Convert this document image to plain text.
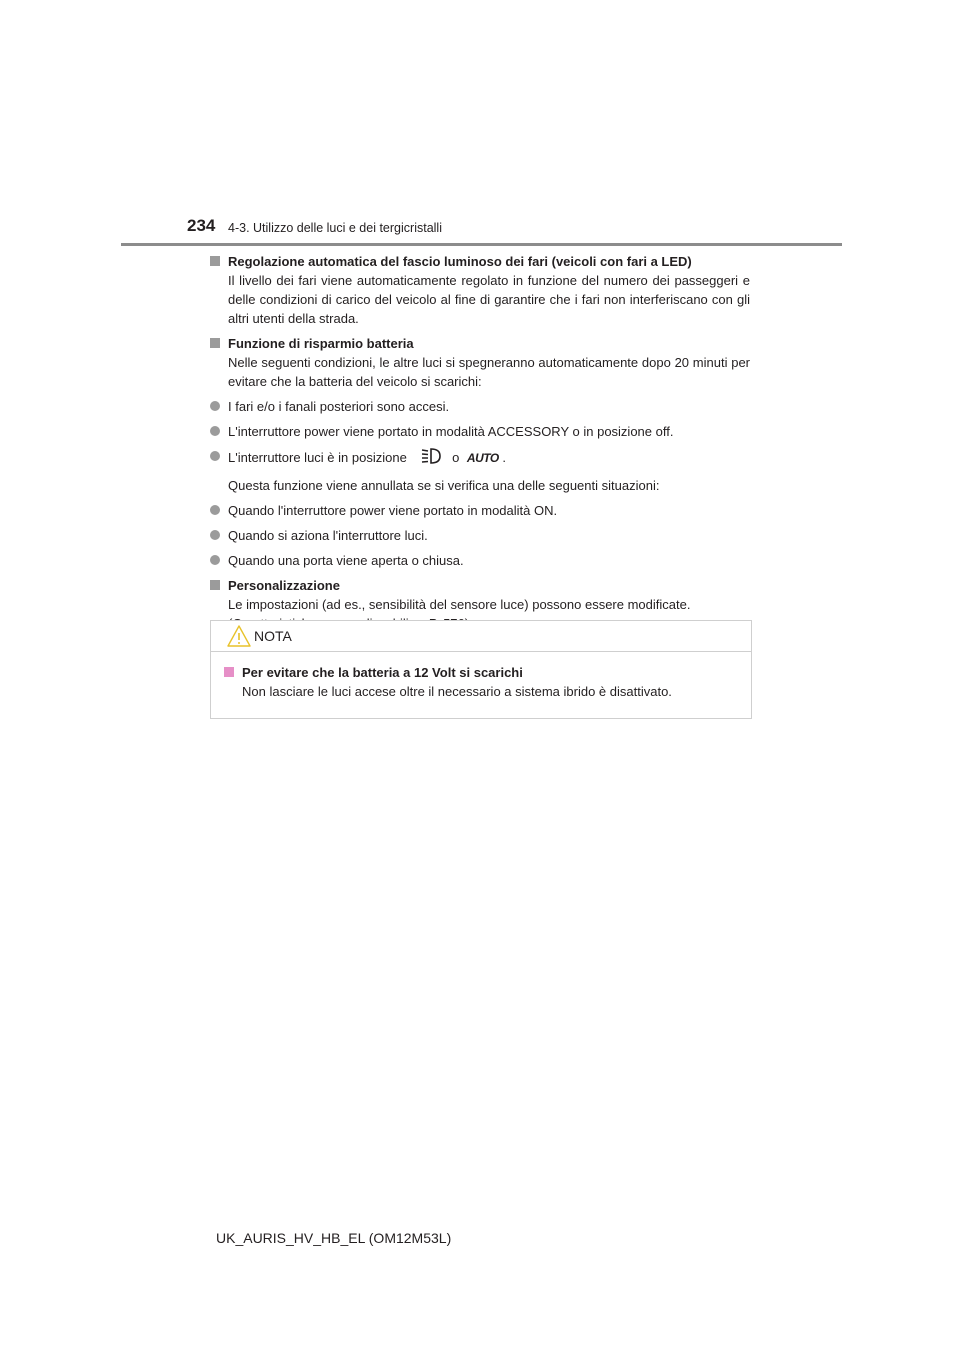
234 4-3. Utilizzo delle luci e dei tergicristalli
Regolazione automatica del fascio luminoso dei fari (veicoli con fari a LED)
Il livello dei fari viene automaticamente regolato in funzione del numero dei passeggeri e delle condizioni di carico del veicolo al fine di garantire che i fari non interferiscano con gli altri utenti della strada.
Funzione di risparmio batteria
Nelle seguenti condizioni, le altre luci si spegneranno automaticamente dopo 20 minuti per evitare che la batteria del veicolo si scarichi:
I fari e/o i fanali posteriori sono accesi.
L'interruttore power viene portato in modalità ACCESSORY o in posizione off.
L'interruttore luci è in posizione	o AUTO .
Questa funzione viene annullata se si verifica una delle seguenti situazioni:
Quando l'interruttore power viene portato in modalità ON.
Quando si aziona l'interruttore luci.
Quando una porta viene aperta o chiusa.
Personalizzazione
Le impostazioni (ad es., sensibilità del sensore luce) possono essere modificate.
NOTA
Per evitare che la batteria a 12 Volt si scarichi
Non lasciare le luci accese oltre il necessario a sistema ibrido è disattivato.
UK_AURIS_HV_HB_EL (OM12M53L)
